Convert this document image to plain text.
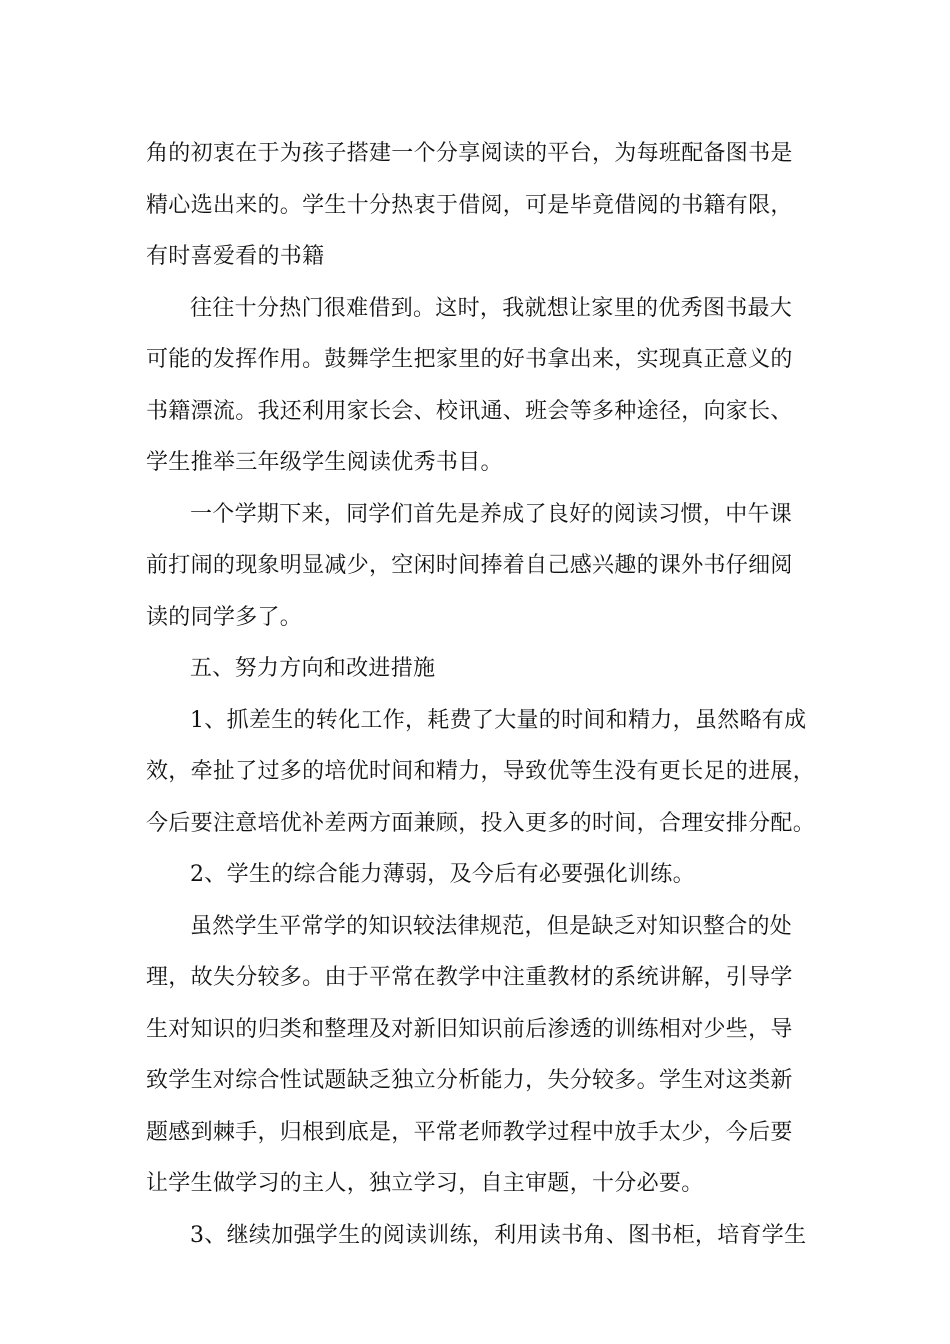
角的初衷在于为孩子搭建一个分享阅读的平台，为每班配备图书是
精心选出来的。学生十分热衷于借阅，可是毕竟借阅的书籍有限，
有时喜爱看的书籍
往往十分热门很难借到。这时，我就想让家里的优秀图书最大
可能的发挥作用。鼓舞学生把家里的好书拿出来，实现真正意义的
书籍漂流。我还利用家长会、校讯通、班会等多种途径，向家长、
学生推举三年级学生阅读优秀书目。
一个学期下来，同学们首先是养成了良好的阅读习惯，中午课
前打闹的现象明显减少，空闲时间捧着自己感兴趣的课外书仔细阅
读的同学多了。
五、努力方向和改进措施
1、抓差生的转化工作，耗费了大量的时间和精力，虽然略有成
效，牵扯了过多的培优时间和精力，导致优等生没有更长足的进展，
今后要注意培优补差两方面兼顾，投入更多的时间，合理安排分配。
2、学生的综合能力薄弱，及今后有必要强化训练。
虽然学生平常学的知识较法律规范，但是缺乏对知识整合的处
理，故失分较多。由于平常在教学中注重教材的系统讲解，引导学
生对知识的归类和整理及对新旧知识前后渗透的训练相对少些，导
致学生对综合性试题缺乏独立分析能力，失分较多。学生对这类新
题感到棘手，归根到底是，平常老师教学过程中放手太少，今后要
让学生做学习的主人，独立学习，自主审题，十分必要。
3、继续加强学生的阅读训练，利用读书角、图书柜，培育学生
